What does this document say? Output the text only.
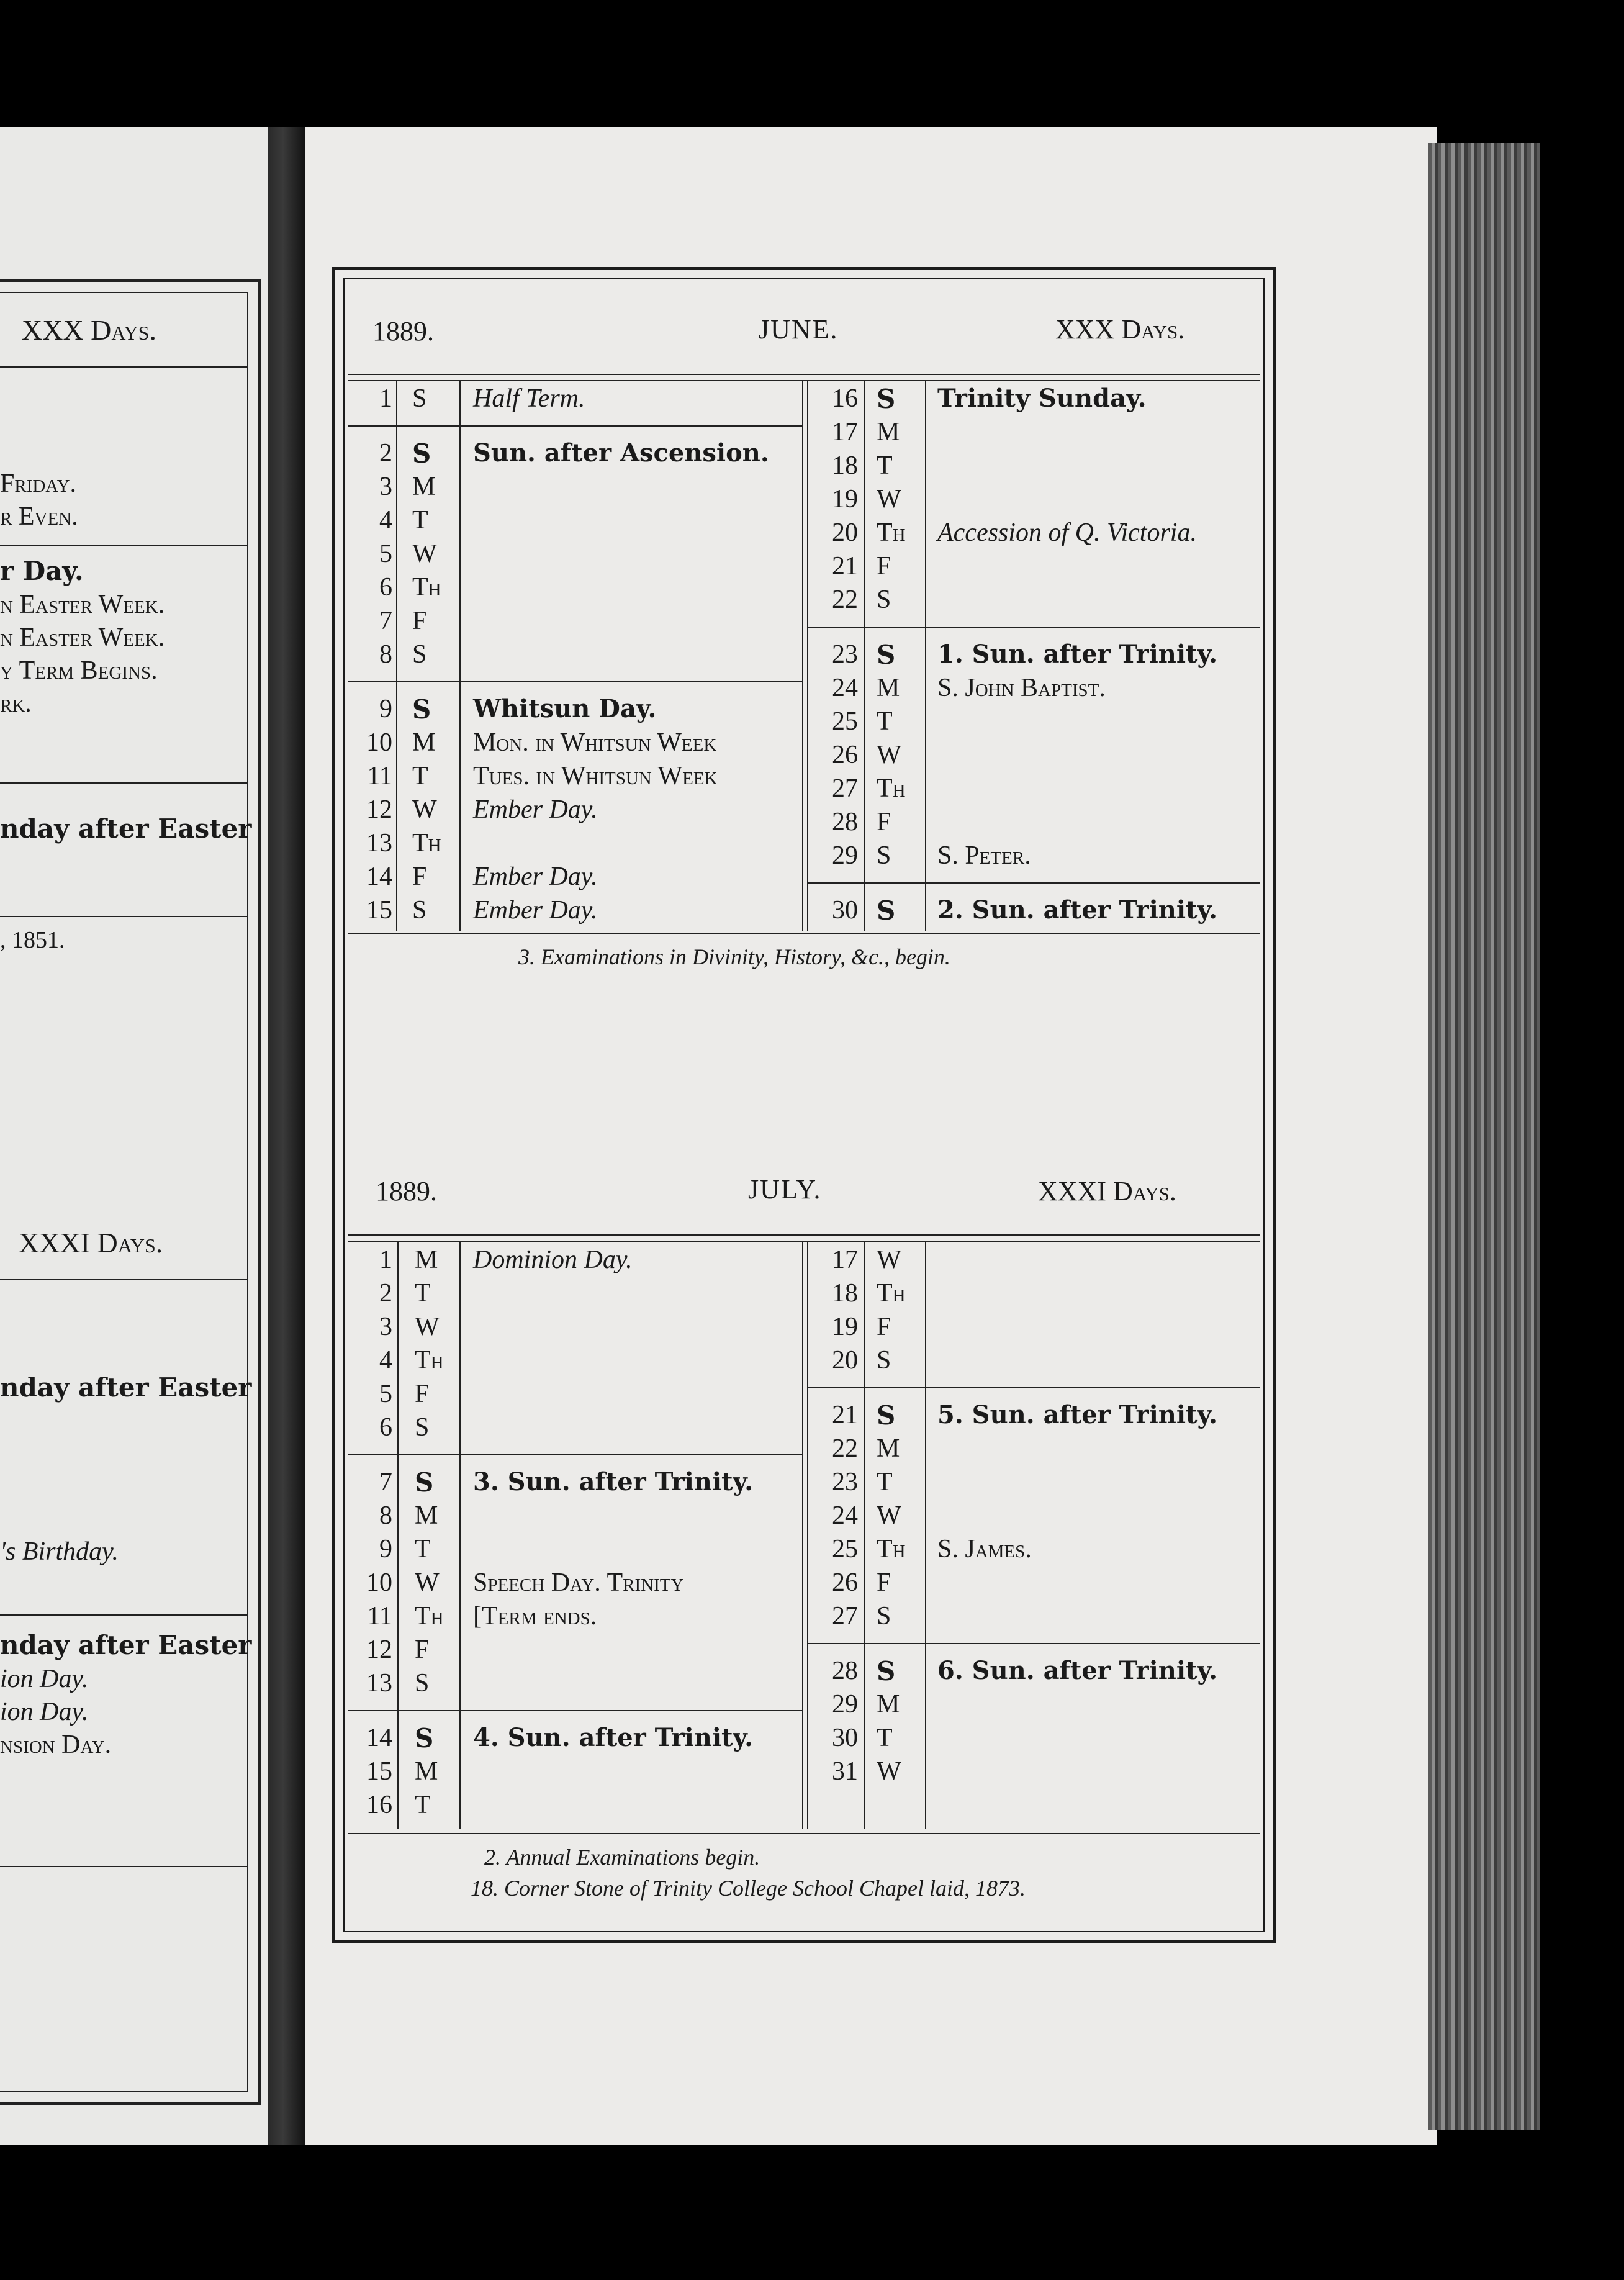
XXX Days.
Friday.
r Even.
r Day.
n Easter Week.
n Easter Week.
y Term Begins.
rk.
nday after Easter
, 1851.
XXXI Days.
nday after Easter
's Birthday.
nday after Easter
ion Day.
ion Day.
nsion Day.
1889.	JUNE.	XXX Days.
1 S Half Term.
2 S Sun. after Ascension.
3 M
4 T
5 W
6 Th
7 F
8 S
9 S Whitsun Day.
10 M Mon. in Whitsun Week
11 T Tues. in Whitsun Week
12 W Ember Day.
13 Th
14 F Ember Day.
15 S Ember Day.
16 S Trinity Sunday.
17 M
18 T
19 W
20 Th Accession of Q. Victoria.
21 F
22 S
23 S 1. Sun. after Trinity.
24 M S. John Baptist.
25 T
26 W
27 Th
28 F
29 S S. Peter.
30 S 2. Sun. after Trinity.
3. Examinations in Divinity, History, &c., begin.
1889.	JULY.	XXXI Days.
1 M Dominion Day.
2 T
3 W
4 Th
5 F
6 S
7 S 3. Sun. after Trinity.
8 M
9 T
10 W Speech Day. Trinity
11 Th [Term ends.
12 F
13 S
14 S 4. Sun. after Trinity.
15 M
16 T
17 W
18 Th
19 F
20 S
21 S 5. Sun. after Trinity.
22 M
23 T
24 W
25 Th S. James.
26 F
27 S
28 S 6. Sun. after Trinity.
29 M
30 T
31 W
2. Annual Examinations begin.
18. Corner Stone of Trinity College School Chapel laid, 1873.
